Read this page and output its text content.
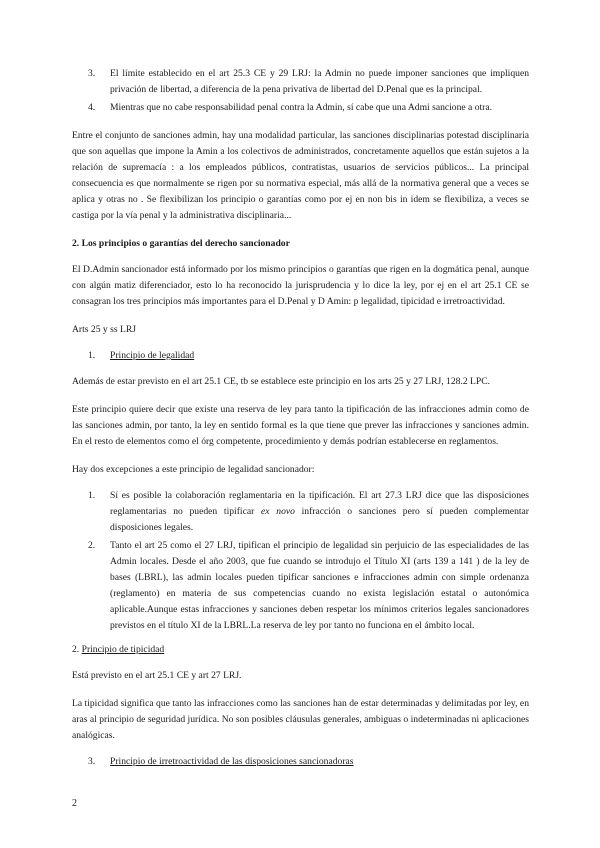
3.	El límite establecido en el art 25.3 CE y 29 LRJ: la Admin no puede imponer sanciones que impliquen privación de libertad, a diferencia de la pena privativa de libertad del D.Penal que es la principal.
4.	Mientras que no cabe responsabilidad penal contra la Admin, sí cabe que una Admi sancione a otra.

Entre el conjunto de sanciones admin, hay una modalidad particular, las sanciones disciplinarias potestad disciplinaria que son aquellas que impone la Amin a los colectivos de administrados, concretamente aquellos que están sujetos a la relación de supremacía : a los empleados públicos, contratistas, usuarios de servicios públicos... La principal consecuencia es que normalmente se rigen por su normativa especial, más allá de la normativa general que a veces se aplica y otras no . Se flexibilizan los principio o garantías como por ej en non bis in idem se flexibiliza, a veces se castiga por la vía penal y la administrativa disciplinaria...

2. Los principios o garantías del derecho sancionador

El D.Admin sancionador está informado por los mismo principios o garantías que rigen en la dogmática penal, aunque con algún matiz diferenciador, esto lo ha reconocido la jurisprudencia y lo dice la ley, por ej en el art 25.1 CE se consagran los tres principios más importantes para el D.Penal y D Amin: p legalidad, tipicidad e irretroactividad.

Arts 25 y ss LRJ

1.	Principio de legalidad

Además de estar previsto en el art 25.1 CE, tb se establece este principio en los arts 25 y 27 LRJ, 128.2 LPC.

Este principio quiere decir que existe una reserva de ley para tanto la tipificación de las infracciones admin como de las sanciones admin, por tanto, la ley en sentido formal es la que tiene que prever las infracciones y sanciones admin. En el resto de elementos como el órg competente, procedimiento y demás podrían establecerse en reglamentos.

Hay dos excepciones a este principio de legalidad sancionador:

1.	Sí es posible la colaboración reglamentaria en la tipificación. El art 27.3 LRJ dice que las disposiciones reglamentarias no pueden tipificar ex novo infracción o sanciones pero sí pueden complementar disposiciones legales.
2.	Tanto el art 25 como el 27 LRJ, tipifican el principio de legalidad sin perjuicio de las especialidades de las Admin locales. Desde el año 2003, que fue cuando se introdujo el Título XI (arts 139 a 141 ) de la ley de bases (LBRL), las admin locales pueden tipificar sanciones e infracciones admin con simple ordenanza (reglamento) en materia de sus competencias cuando no exista legislación estatal o autonómica aplicable.Aunque estas infracciones y sanciones deben respetar los mínimos criterios legales sancionadores previstos en el título XI de la LBRL.La reserva de ley por tanto no funciona en el ámbito local.
2. Principio de tipicidad

Está previsto en el art 25.1 CE y art 27 LRJ.

La tipicidad significa que tanto las infracciones como las sanciones han de estar determinadas y delimitadas por ley, en aras al principio de seguridad jurídica. No son posibles cláusulas generales, ambiguas o indeterminadas ni aplicaciones analógicas.

3.	Principio de irretroactividad de las disposiciones sancionadoras
2
